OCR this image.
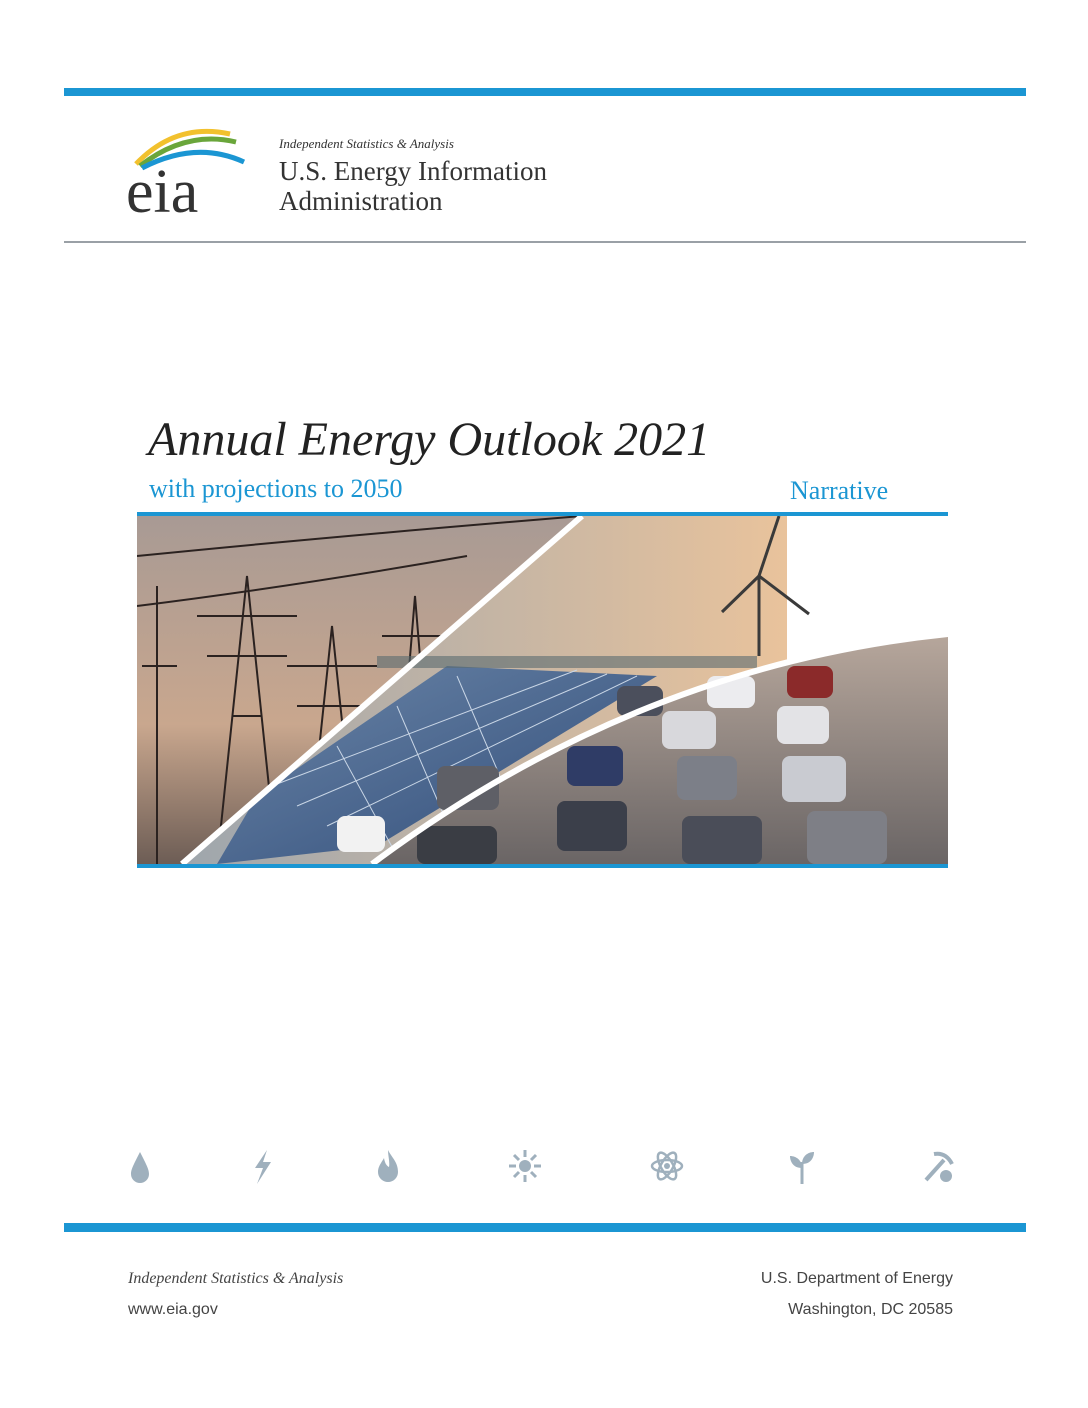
eia
Independent Statistics & Analysis
U.S. Energy Information
Administration
Annual Energy Outlook 2021
with projections to 2050	Narrative
Independent Statistics & Analysis
www.eia.gov
U.S. Department of Energy
Washington, DC 20585
